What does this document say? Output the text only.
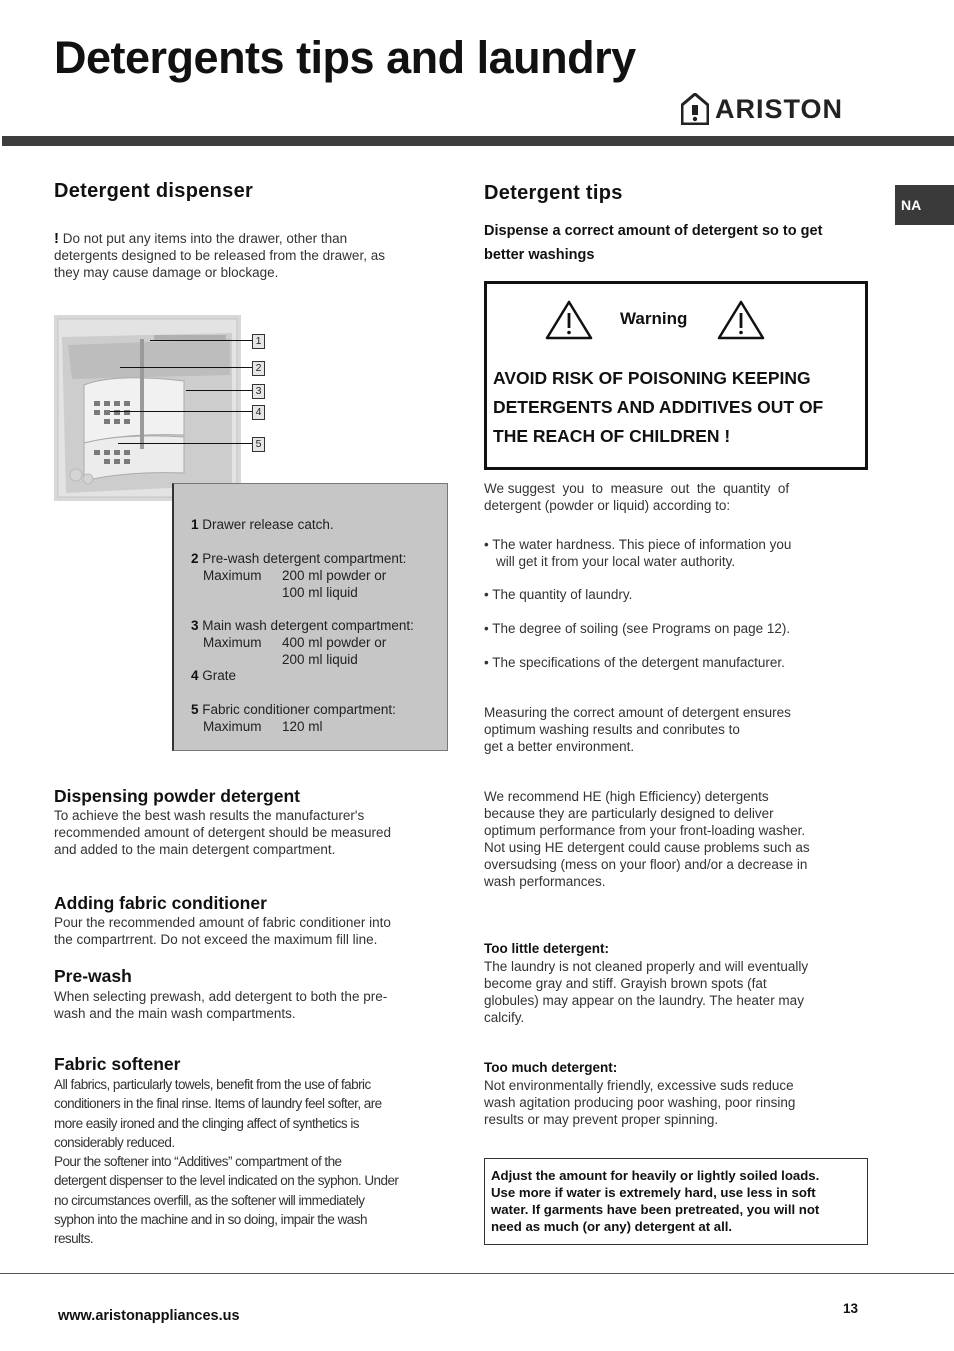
Detergents tips and laundry
ARISTON
NA
Detergent dispenser

! Do not put any items into the drawer, other than

detergents designed to be released from the drawer, as

they may cause damage or blockage.

1
2
3
4
5
1 Drawer release catch.
2 Pre-wash detergent compartment:
Maximum 200 ml powder or
100 ml liquid
3 Main wash detergent compartment:
Maximum 400 ml powder or
200 ml liquid
4 Grate
5 Fabric conditioner compartment:
Maximum 120 ml
Dispensing powder detergent

To achieve the best wash results the manufacturer's

recommended amount of detergent should be measured

and added to the main detergent compartment.

Adding fabric conditioner

Pour the recommended amount of fabric conditioner into

the compartrrent. Do not exceed the maximum fill line.

Pre-wash

When selecting prewash, add detergent to both the pre-

wash and the main wash compartments.

Fabric softener

All fabrics, particularly towels, benefit from the use of fabric

conditioners in the final rinse. Items of laundry feel softer, are

more easily ironed and the clinging affect of synthetics is

considerably reduced.

Pour the softener into “Additives” compartment of the

detergent dispenser to the level indicated on the syphon. Under

no circumstances overfill, as the softener will immediately

syphon into the machine and in so doing, impair the wash

results.

Detergent tips

Dispense a correct amount of detergent so to get

better washings

Warning

AVOID RISK OF POISONING KEEPING

DETERGENTS AND ADDITIVES OUT OF

THE REACH OF CHILDREN !

We suggest  you  to  measure  out  the  quantity  of

detergent (powder or liquid) according to:

• The water hardness. This piece of information you

will get it from your local water authority.

• The quantity of laundry.
• The degree of soiling (see Programs on page 12).
• The specifications of the detergent manufacturer.

Measuring the correct amount of detergent ensures

optimum washing results and conributes to

get a better environment.

We recommend HE (high Efficiency) detergents

because they are particularly designed to deliver

optimum performance from your front-loading washer.

Not using HE detergent could cause problems such as

oversudsing (mess on your floor) and/or a decrease in

wash performances.

Too little detergent:

The laundry is not cleaned properly and will eventually

become gray and stiff. Grayish brown spots (fat

globules) may appear on the laundry. The heater may

calcify.

Too much detergent:

Not environmentally friendly, excessive suds reduce

wash agitation producing poor washing, poor rinsing

results or may prevent proper spinning.

Adjust the amount for heavily or lightly soiled loads.

Use more if water is extremely hard, use less in soft

water. If garments have been pretreated, you will not

need as much (or any) detergent at all.

www.aristonappliances.us	13
